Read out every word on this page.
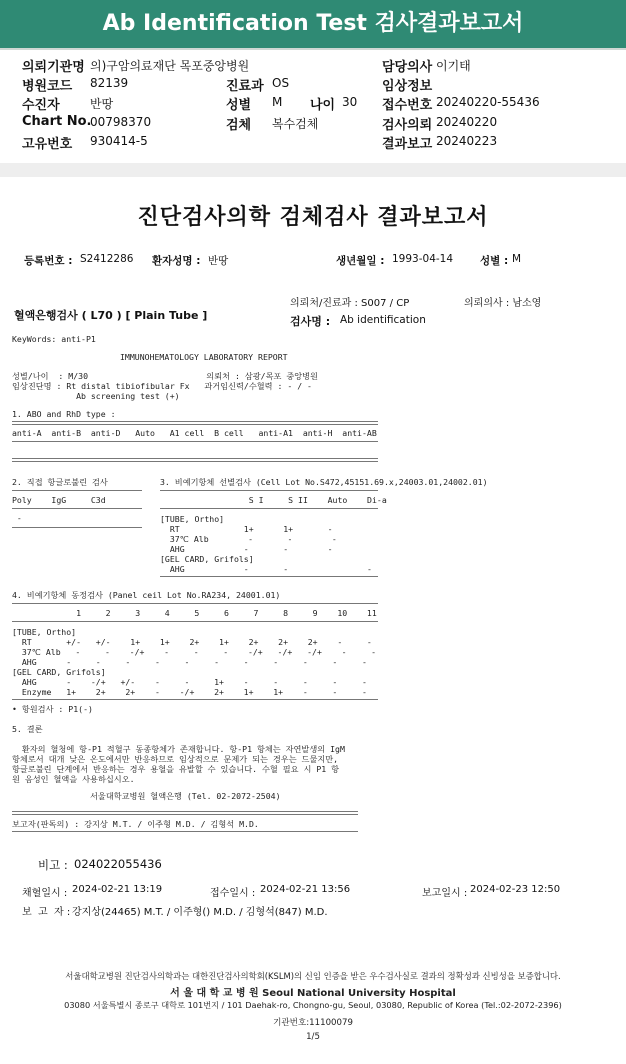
Ab Identification Test 검사결과보고서
의뢰기관명 의)구암의료재단 목포중앙병원
병원코드 82139
수진자	반땅
Chart No.
00798370
고유번호 930414-5
진료과 OS
성별 M 나이 30
검체 복수검체
담당의사 이기태
임상정보
접수번호 20240220-55436
검사의뢰 20240220
결과보고 20240223
진단검사의학 검체검사 결과보고서
등록번호 : S2412286 환자성명 : 반땅	생년월일 : 1993-04-14	성별 : M
의뢰처/진료과 : S007 / CP	의뢰의사 : 남소영
혈액은행검사 ( L70 ) [ Plain Tube ]	검사명 : Ab identification
KeyWords: anti-P1
IMMUNOHEMATOLOGY LABORATORY REPORT
성별/나이  : M/30                        의뢰처 : 삼광/목포 중앙병원
임상진단명 : Rt distal tibiofibular Fx   과거임신력/수혈력 : - / -
Ab screening test (+)
1. ABO and RhD type :
anti-A  anti-B  anti-D   Auto   A1 cell  B cell   anti-A1  anti-H  anti-AB
2. 직접 항글로불린 검사
Poly    IgG     C3d
-
3. 비예기항체 선별검사 (Cell Lot No.S472,45151.69.x,24003.01,24002.01)
S I     S II    Auto    Di-a
[TUBE, Ortho]
RT             1+      1+       -
37℃ Alb        -       -        -
AHG            -       -        -
[GEL CARD, Grifols]
AHG            -       -                -
4. 비예기항체 동정검사 (Panel ceil Lot No.RA234, 24001.01)
1     2     3     4     5     6     7     8     9    10    11
[TUBE, Ortho]
RT       +/-   +/-    1+    1+    2+    1+    2+    2+    2+    -     -
37℃ Alb   -     -    -/+    -     -     -    -/+   -/+   -/+    -     -
AHG      -     -     -     -     -     -     -     -     -     -     -
[GEL CARD, Grifols]
AHG      -    -/+   +/-    -     -     1+    -     -     -     -     -
Enzyme   1+    2+    2+    -    -/+    2+    1+    1+    -     -     -
• 항원검사 : P1(-)
5. 결론
환자의 혈청에 항-P1 적혈구 동종항체가 존재합니다. 항-P1 항체는 자연발생의 IgM
항체로서 대개 낮은 온도에서만 반응하므로 임상적으로 문제가 되는 경우는 드물지만,
항글로불린 단계에서 반응하는 경우 용혈을 유발할 수 있습니다. 수혈 필요 시 P1 항
원 음성인 혈액을 사용하십시오.
서울대학교병원 혈액은행 (Tel. 02-2072-2504)
보고자(판독의) : 강지상 M.T. / 이주형 M.D. / 김형석 M.D.
비고 : 024022055436
채혈일시 : 2024-02-21 13:19	접수일시 : 2024-02-21 13:56	보고일시 : 2024-02-23 12:50
보  고  자 : 강지상(24465) M.T. / 이주형() M.D. / 김형석(847) M.D.
서울대학교병원 진단검사의학과는 대한진단검사의학회(KSLM)의 신임 인증을 받은 우수검사실로 결과의 정확성과 신빙성을 보증합니다.
서 울 대 학 교 병 원 Seoul National University Hospital
03080 서울특별시 종로구 대학로 101번지 / 101 Daehak-ro, Chongno-gu, Seoul, 03080, Republic of Korea (Tel.:02-2072-2396)
기관번호:11100079
1/5
